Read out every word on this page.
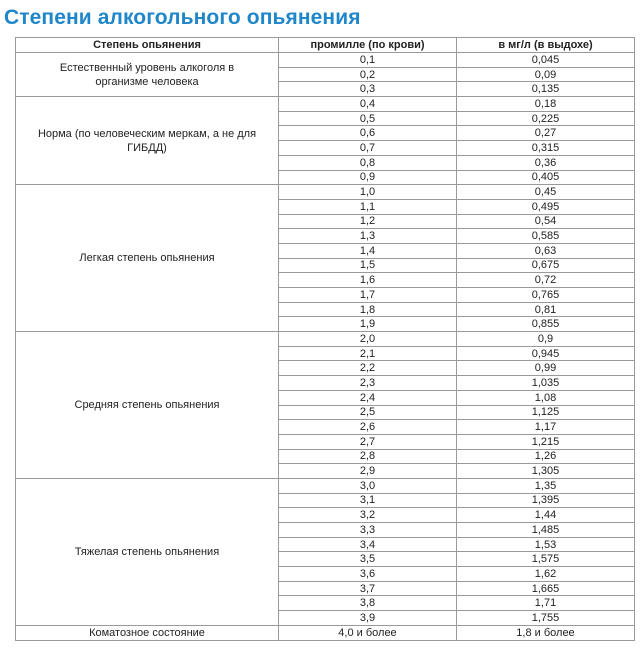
Степени алкогольного опьянения
Степень опьянения	промилле (по крови)	в мг/л (в выдохе)
Естественный уровень алкоголя в организме человека	0,1	0,045
	0,2	0,09
	0,3	0,135
Норма (по человеческим меркам, а не для ГИБДД)	0,4	0,18
	0,5	0,225
	0,6	0,27
	0,7	0,315
	0,8	0,36
	0,9	0,405
Легкая степень опьянения	1,0	0,45
	1,1	0,495
	1,2	0,54
	1,3	0,585
	1,4	0,63
	1,5	0,675
	1,6	0,72
	1,7	0,765
	1,8	0,81
	1,9	0,855
Средняя степень опьянения	2,0	0,9
	2,1	0,945
	2,2	0,99
	2,3	1,035
	2,4	1,08
	2,5	1,125
	2,6	1,17
	2,7	1,215
	2,8	1,26
	2,9	1,305
Тяжелая степень опьянения	3,0	1,35
	3,1	1,395
	3,2	1,44
	3,3	1,485
	3,4	1,53
	3,5	1,575
	3,6	1,62
	3,7	1,665
	3,8	1,71
	3,9	1,755
Коматозное состояние	4,0 и более	1,8 и более
